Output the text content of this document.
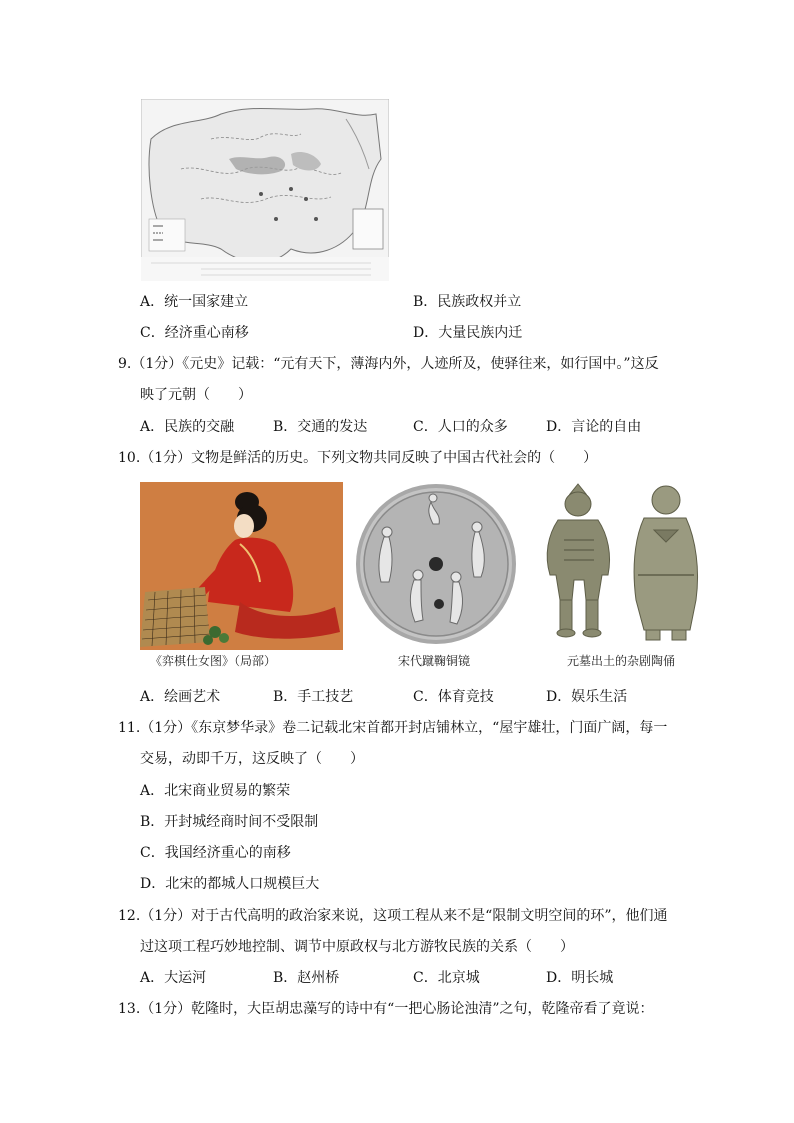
A．统一国家建立	B．民族政权并立
C．经济重心南移	D．大量民族内迁
9.（1分）《元史》记载：“元有天下，薄海内外，人迹所及，使驿往来，如行国中。”这反
映了元朝（　　）
A．民族的交融	B．交通的发达	C．人口的众多	D．言论的自由
10.（1分）文物是鲜活的历史。下列文物共同反映了中国古代社会的（　　）
《弈棋仕女图》（局部）	宋代蹴鞠铜镜	元墓出土的杂剧陶俑
A．绘画艺术	B．手工技艺	C．体育竞技	D．娱乐生活
11.（1分）《东京梦华录》卷二记载北宋首都开封店铺林立，“屋宇雄壮，门面广阔，每一
交易，动即千万，这反映了（　　）
A．北宋商业贸易的繁荣
B．开封城经商时间不受限制
C．我国经济重心的南移
D．北宋的都城人口规模巨大
12.（1分）对于古代高明的政治家来说，这项工程从来不是“限制文明空间的环”，他们通
过这项工程巧妙地控制、调节中原政权与北方游牧民族的关系（　　）
A．大运河	B．赵州桥	C．北京城	D．明长城
13.（1分）乾隆时，大臣胡忠藻写的诗中有“一把心肠论浊清”之句，乾隆帝看了竟说：
